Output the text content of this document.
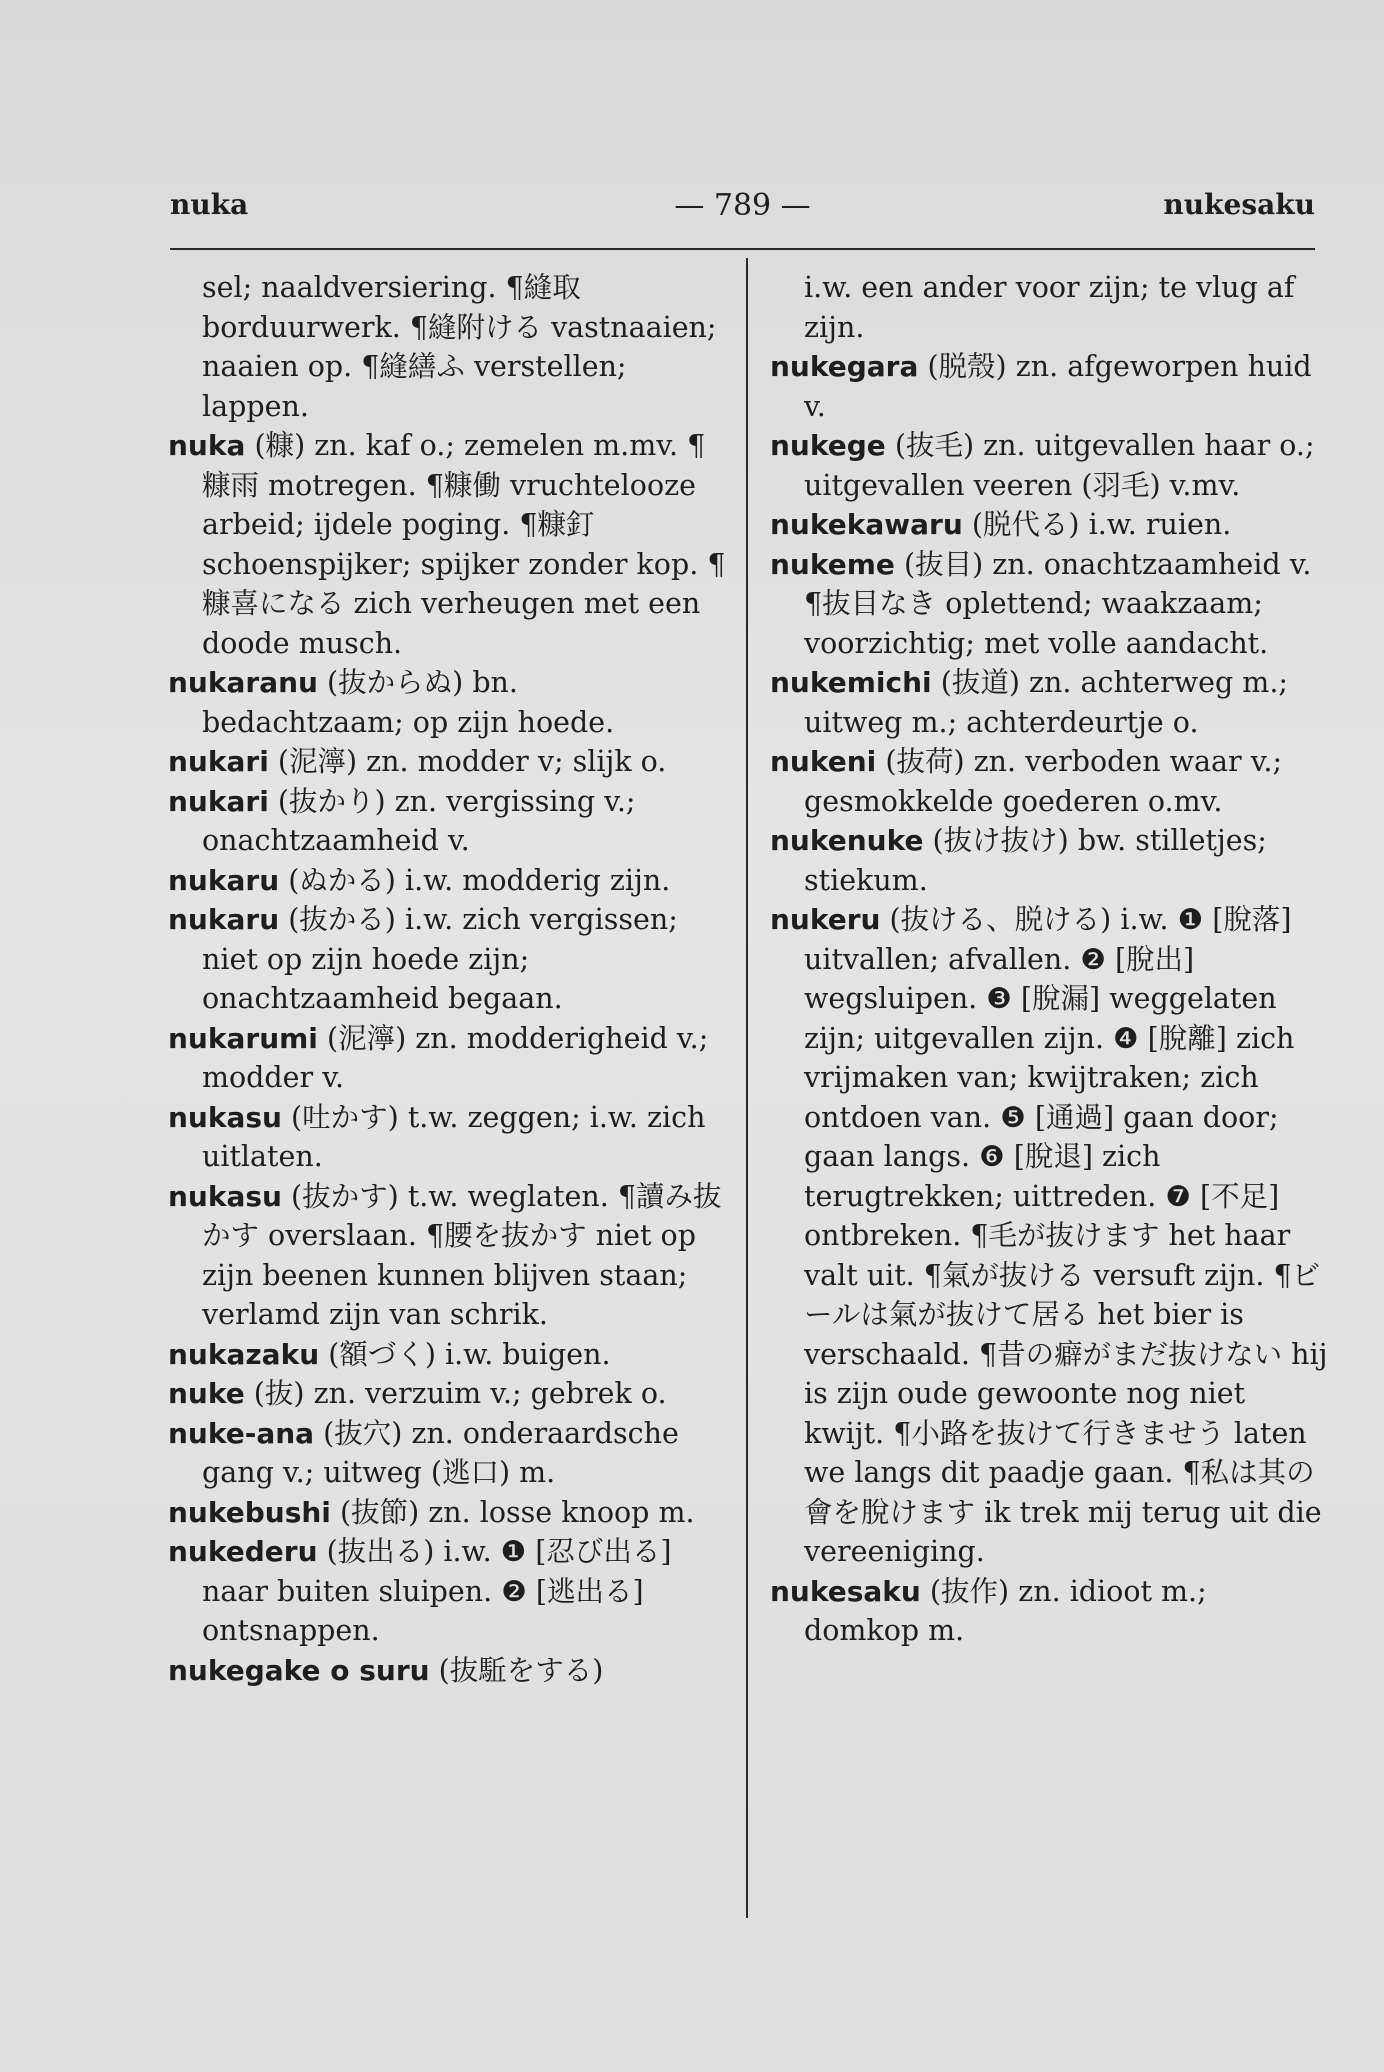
nuka	— 789 —	nukesaku

sel; naaldversiering. ¶縫取 borduurwerk. ¶縫附ける vastnaaien; naaien op. ¶縫繕ふ verstellen; lappen.

nuka (糠) zn. kaf o.; zemelen m.mv. ¶糠雨 motregen. ¶糠働 vruchtelooze arbeid; ijdele poging. ¶糠釘 schoenspijker; spijker zonder kop. ¶糠喜になる zich verheugen met een doode musch.

nukaranu (抜からぬ) bn. bedachtzaam; op zijn hoede.

nukari (泥濘) zn. modder v; slijk o.

nukari (抜かり) zn. vergissing v.; onachtzaamheid v.

nukaru (ぬかる) i.w. modderig zijn.

nukaru (抜かる) i.w. zich vergissen; niet op zijn hoede zijn; onachtzaamheid begaan.

nukarumi (泥濘) zn. modderigheid v.; modder v.

nukasu (吐かす) t.w. zeggen; i.w. zich uitlaten.

nukasu (抜かす) t.w. weglaten. ¶讀み抜かす overslaan. ¶腰を抜かす niet op zijn beenen kunnen blijven staan; verlamd zijn van schrik.

nukazaku (額づく) i.w. buigen.

nuke (抜) zn. verzuim v.; gebrek o.

nuke-ana (抜穴) zn. onderaardsche gang v.; uitweg (逃口) m.

nukebushi (抜節) zn. losse knoop m.

nukederu (抜出る) i.w. ❶ [忍び出る] naar buiten sluipen. ❷ [逃出る] ontsnappen.

nukegake o suru (抜駈をする)

i.w. een ander voor zijn; te vlug af zijn.

nukegara (脱殼) zn. afgeworpen huid v.

nukege (抜毛) zn. uitgevallen haar o.; uitgevallen veeren (羽毛) v.mv.

nukekawaru (脱代る) i.w. ruien.

nukeme (抜目) zn. onachtzaamheid v. ¶抜目なき oplettend; waakzaam; voorzichtig; met volle aandacht.

nukemichi (抜道) zn. achterweg m.; uitweg m.; achterdeurtje o.

nukeni (抜荷) zn. verboden waar v.; gesmokkelde goederen o.mv.

nukenuke (抜け抜け) bw. stilletjes; stiekum.

nukeru (抜ける、脱ける) i.w. ❶ [脫落] uitvallen; afvallen. ❷ [脫出] wegsluipen. ❸ [脫漏] weggelaten zijn; uitgevallen zijn. ❹ [脫離] zich vrijmaken van; kwijtraken; zich ontdoen van. ❺ [通過] gaan door; gaan langs. ❻ [脫退] zich terugtrekken; uittreden. ❼ [不足] ontbreken. ¶毛が抜けます het haar valt uit. ¶氣が抜ける versuft zijn. ¶ビールは氣が抜けて居る het bier is verschaald. ¶昔の癖がまだ抜けない hij is zijn oude gewoonte nog niet kwijt. ¶小路を抜けて行きませう laten we langs dit paadje gaan. ¶私は其の會を脫けます ik trek mij terug uit die vereeniging.

nukesaku (抜作) zn. idioot m.; domkop m.
